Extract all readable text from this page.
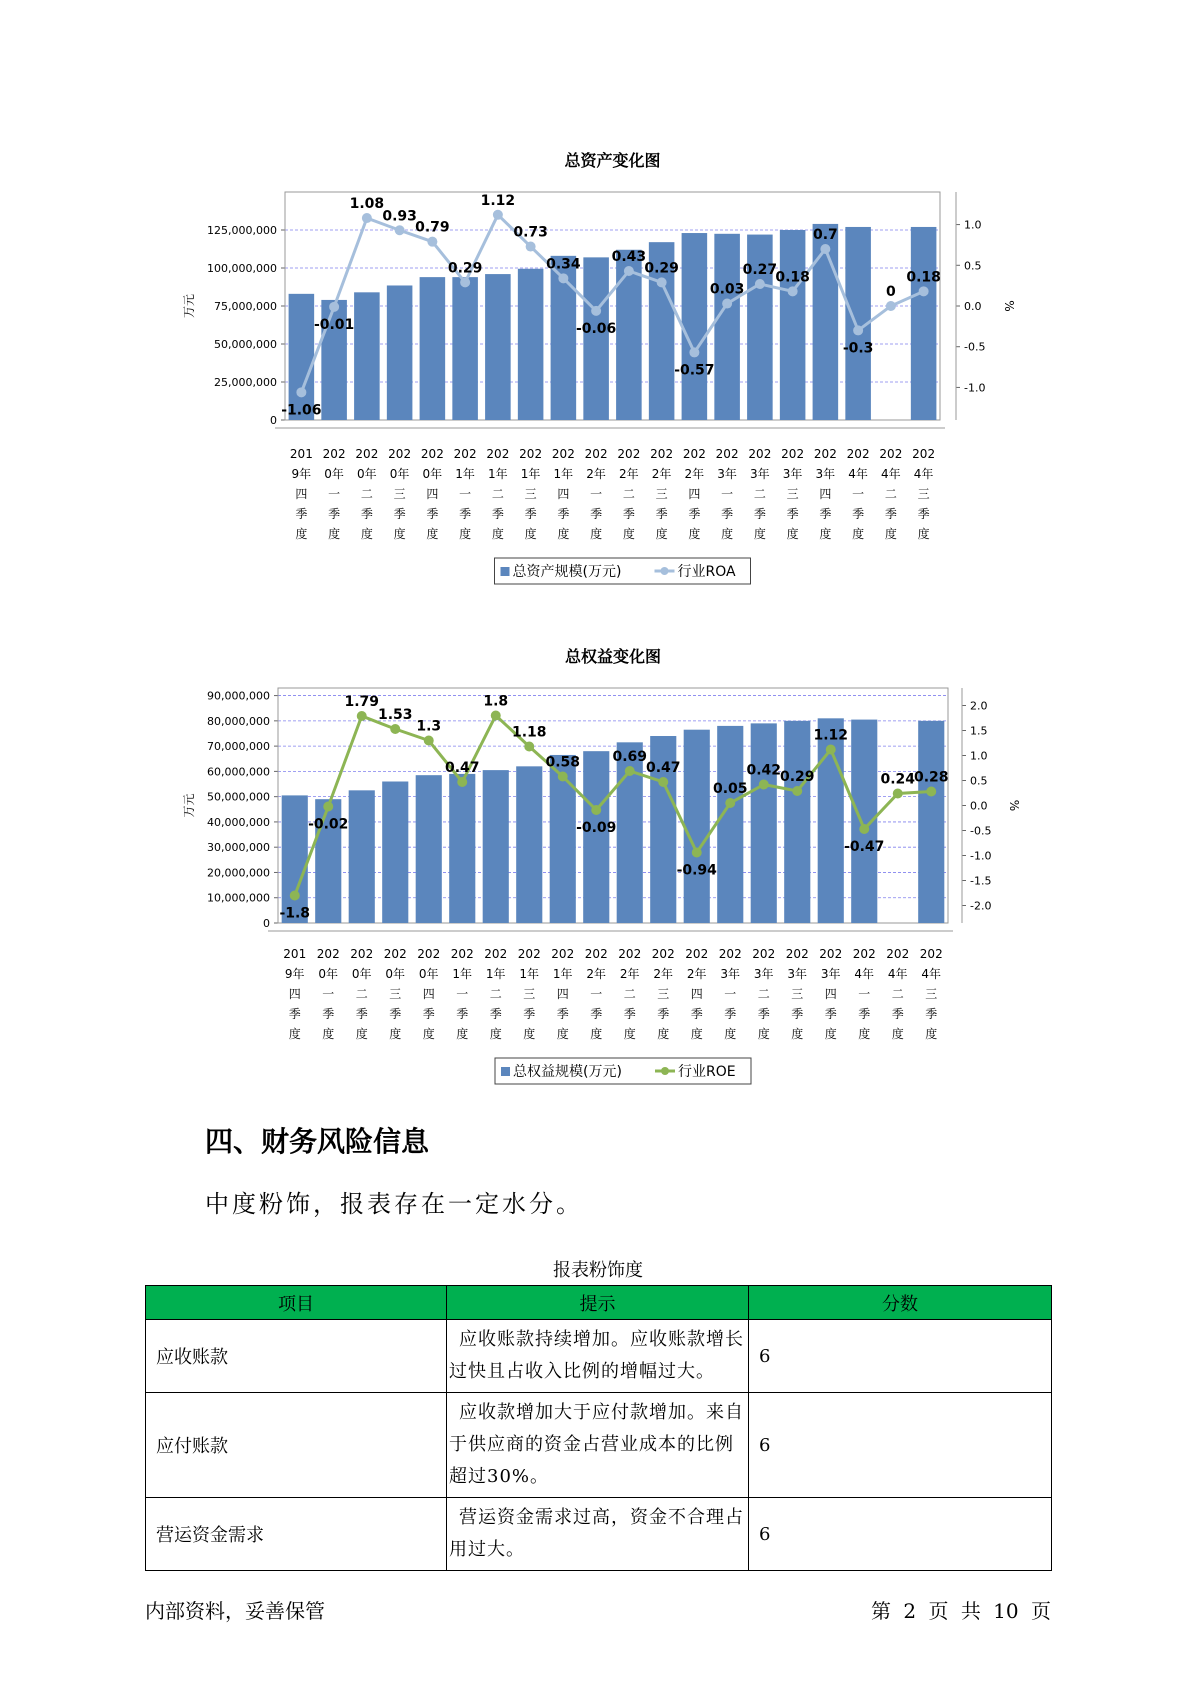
总资产变化图
0
25,000,000
50,000,000
75,000,000
100,000,000
125,000,000
-1.0
-0.5
0.0
0.5
1.0
万元	%
-1.06
-0.01
1.08
0.93
0.79
0.29
1.12
0.73
0.34
-0.06
0.43
0.29
-0.57
0.03
0.27
0.18
0.7
-0.3
0
0.18
201 9年四季度
202 0年一季度
202 0年二季度
202 0年三季度
202 0年四季度
202 1年一季度
202 1年二季度
202 1年三季度
202 1年四季度
202 2年一季度
202 2年二季度
202 2年三季度
202 2年四季度
202 3年一季度
202 3年二季度
202 3年三季度
202 3年四季度
202 4年一季度
202 4年二季度
202 4年三季度
总资产规模(万元)	行业ROA
总权益变化图
0
10,000,000
20,000,000
30,000,000
40,000,000
50,000,000
60,000,000
70,000,000
80,000,000
90,000,000
-2.0
-1.5
-1.0
-0.5
0.0
0.5
1.0
1.5
2.0
万元	%
-1.8
-0.02
1.79
1.53
1.3
0.47
1.8
1.18
0.58
-0.09
0.69
0.47
-0.94
0.05
0.42
0.29
1.12
-0.47
0.24
0.28
201 9年四季度
202 0年一季度
202 0年二季度
202 0年三季度
202 0年四季度
202 1年一季度
202 1年二季度
202 1年三季度
202 1年四季度
202 2年一季度
202 2年二季度
202 2年三季度
202 2年四季度
202 3年一季度
202 3年二季度
202 3年三季度
202 3年四季度
202 4年一季度
202 4年二季度
202 4年三季度
总权益规模(万元)	行业ROE
四、财务风险信息

中度粉饰，报表存在一定水分。

报表粉饰度

项目	提示	分数
应收账款	应收账款持续增加。应收账款增长过快且占收入比例的增幅过大。	6
应付账款	应收款增加大于应付款增加。来自于供应商的资金占营业成本的比例超过30%。	6
营运资金需求	营运资金需求过高，资金不合理占用过大。	6

内部资料，妥善保管	第 2 页 共 10 页
